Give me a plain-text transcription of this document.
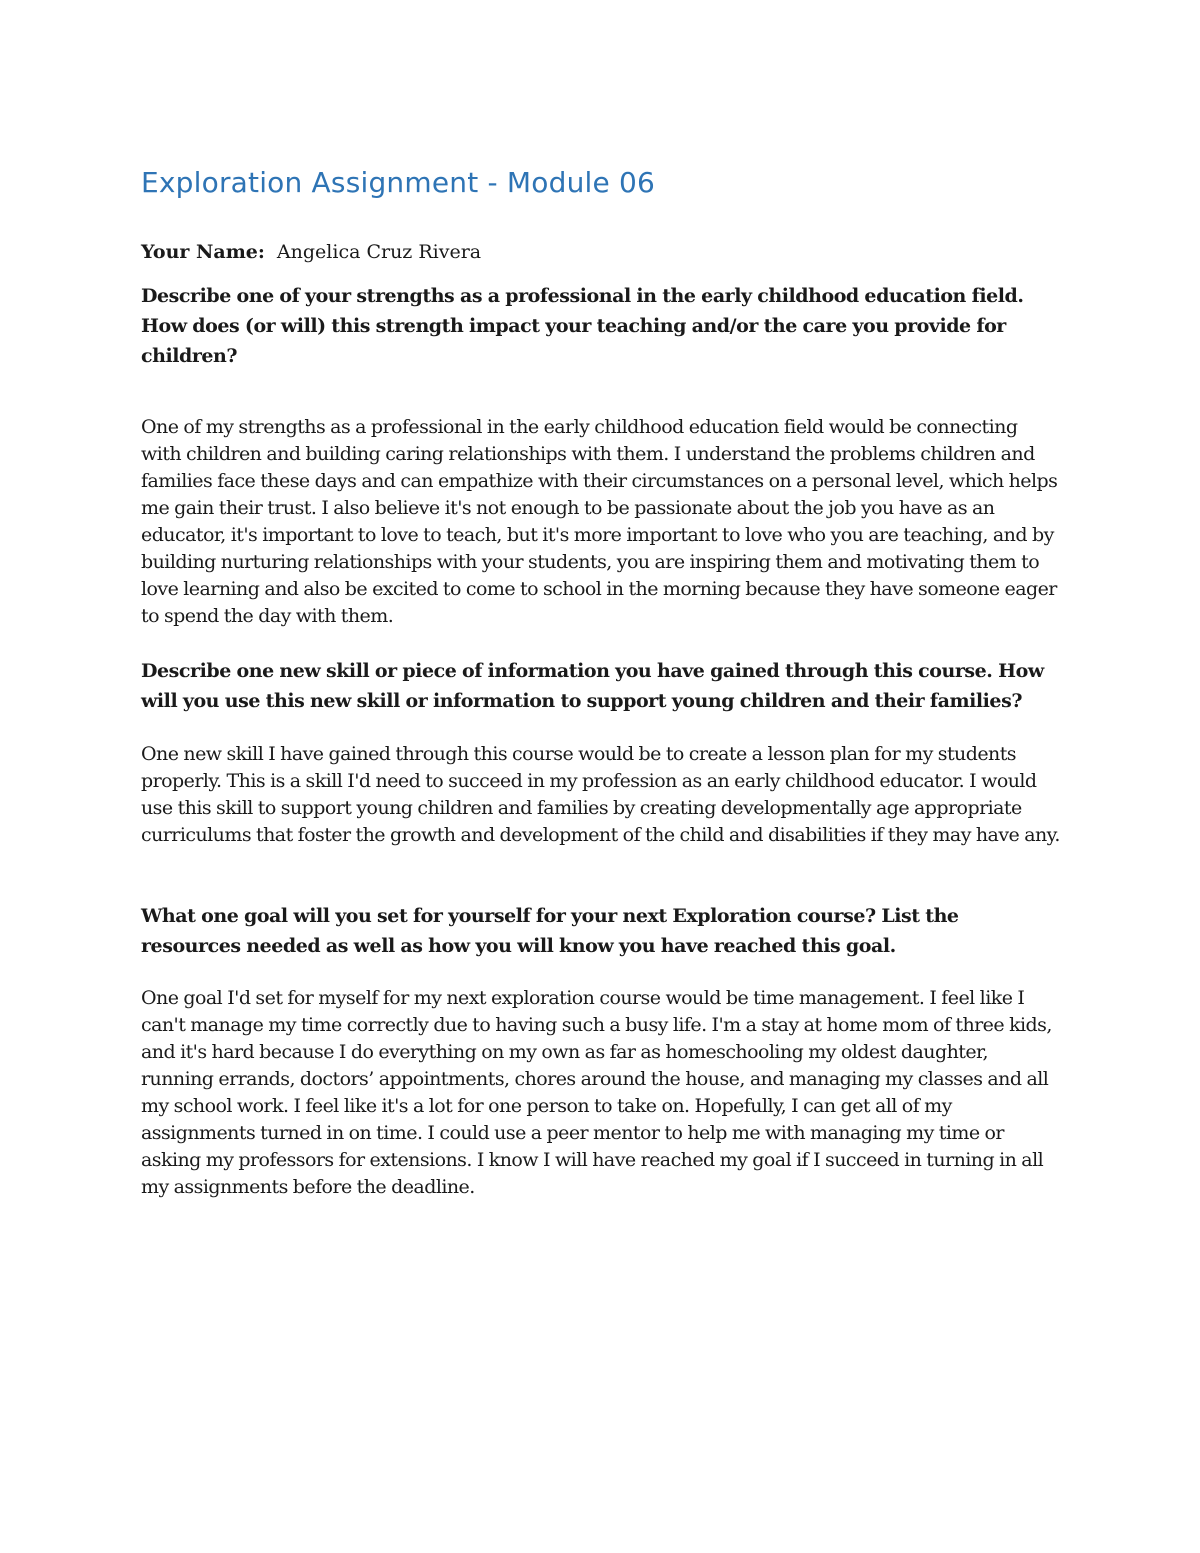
Exploration Assignment - Module 06

Your Name: Angelica Cruz Rivera

Describe one of your strengths as a professional in the early childhood education field. How does (or will) this strength impact your teaching and/or the care you provide for children?

One of my strengths as a professional in the early childhood education field would be connecting with children and building caring relationships with them. I understand the problems children and families face these days and can empathize with their circumstances on a personal level, which helps me gain their trust. I also believe it's not enough to be passionate about the job you have as an educator, it's important to love to teach, but it's more important to love who you are teaching, and by building nurturing relationships with your students, you are inspiring them and motivating them to love learning and also be excited to come to school in the morning because they have someone eager to spend the day with them.

Describe one new skill or piece of information you have gained through this course. How will you use this new skill or information to support young children and their families?

One new skill I have gained through this course would be to create a lesson plan for my students properly. This is a skill I'd need to succeed in my profession as an early childhood educator. I would use this skill to support young children and families by creating developmentally age appropriate curriculums that foster the growth and development of the child and disabilities if they may have any.

What one goal will you set for yourself for your next Exploration course? List the resources needed as well as how you will know you have reached this goal.

One goal I'd set for myself for my next exploration course would be time management. I feel like I can't manage my time correctly due to having such a busy life. I'm a stay at home mom of three kids, and it's hard because I do everything on my own as far as homeschooling my oldest daughter, running errands, doctors’ appointments, chores around the house, and managing my classes and all my school work. I feel like it's a lot for one person to take on. Hopefully, I can get all of my assignments turned in on time. I could use a peer mentor to help me with managing my time or asking my professors for extensions. I know I will have reached my goal if I succeed in turning in all my assignments before the deadline.
